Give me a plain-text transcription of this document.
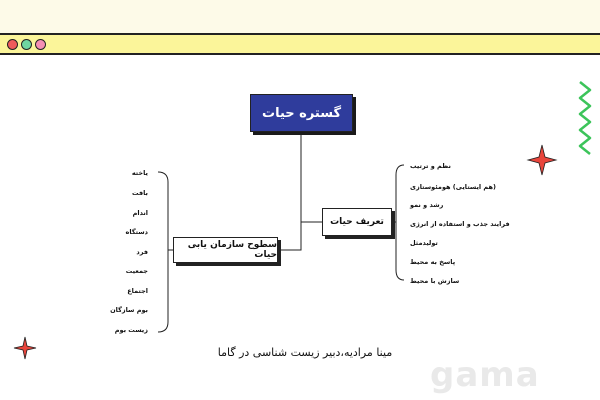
گستره حیات
تعریف حیات
سطوح سازمان یابی حیات
نظم و ترتیب
(هم ایستایی) هومئوستازی
رشد و نمو
فرایند جذب و استفاده از انرژی
تولیدمثل
پاسخ به محیط
سازش با محیط
یاخته
بافت
اندام
دستگاه
فرد
جمعیت
اجتماع
بوم سازگان
زیست بوم
gama
مینا مرادیه،دبیر زیست شناسی در گاما
